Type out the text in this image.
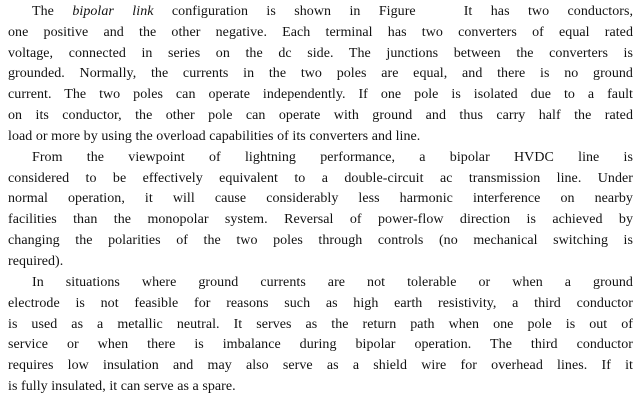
The bipolar link configuration is shown in Figure	It has two conductors,
one positive and the other negative. Each terminal has two converters of equal rated
voltage, connected in series on the dc side. The junctions between the converters is
grounded. Normally, the currents in the two poles are equal, and there is no ground
current. The two poles can operate independently. If one pole is isolated due to a fault
on its conductor, the other pole can operate with ground and thus carry half the rated
load or more by using the overload capabilities of its converters and line.
From the viewpoint of lightning performance, a bipolar HVDC line is
considered to be effectively equivalent to a double-circuit ac transmission line. Under
normal operation, it will cause considerably less harmonic interference on nearby
facilities than the monopolar system. Reversal of power-flow direction is achieved by
changing the polarities of the two poles through controls (no mechanical switching is
required).
In situations where ground currents are not tolerable or when a ground
electrode is not feasible for reasons such as high earth resistivity, a third conductor
is used as a metallic neutral. It serves as the return path when one pole is out of
service or when there is imbalance during bipolar operation. The third conductor
requires low insulation and may also serve as a shield wire for overhead lines. If it
is fully insulated, it can serve as a spare.
